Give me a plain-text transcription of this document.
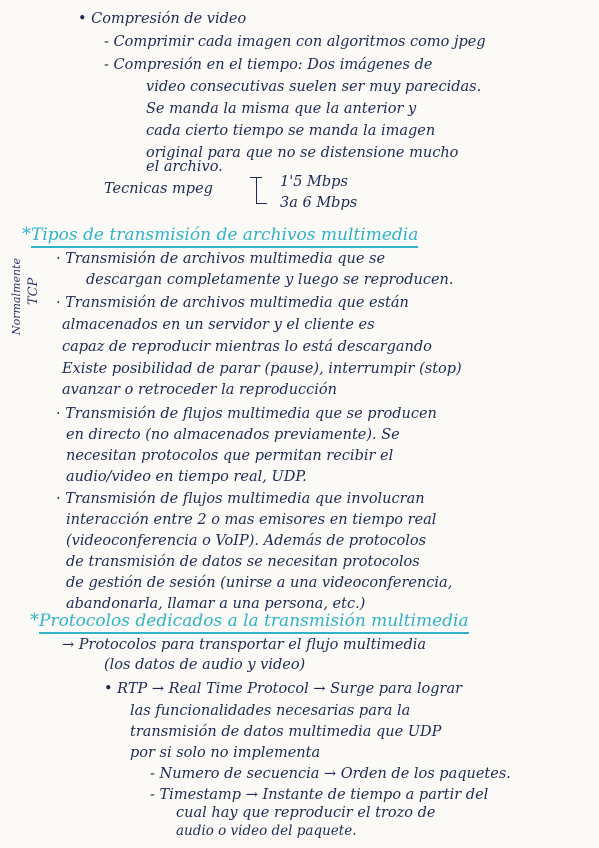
• Compresión de video
- Comprimir cada imagen con algoritmos como jpeg
- Compresión en el tiempo: Dos imágenes de
video consecutivas suelen ser muy parecidas.
Se manda la misma que la anterior y
cada cierto tiempo se manda la imagen
original para que no se distensione mucho
el archivo.
Tecnicas mpeg	1'5 Mbps
3a 6 Mbps
*Tipos de transmisión de archivos multimedia
Normalmente TCP
· Transmisión de archivos multimedia que se
descargan completamente y luego se reproducen.
· Transmisión de archivos multimedia que están
almacenados en un servidor y el cliente es
capaz de reproducir mientras lo está descargando
Existe posibilidad de parar (pause), interrumpir (stop)
avanzar o retroceder la reproducción
· Transmisión de flujos multimedia que se producen
en directo (no almacenados previamente). Se
necesitan protocolos que permitan recibir el
audio/video en tiempo real, UDP.
· Transmisión de flujos multimedia que involucran
interacción entre 2 o mas emisores en tiempo real
(videoconferencia o VoIP). Además de protocolos
de transmisión de datos se necesitan protocolos
de gestión de sesión (unirse a una videoconferencia,
abandonarla, llamar a una persona, etc.)
*Protocolos dedicados a la transmisión multimedia
→ Protocolos para transportar el flujo multimedia
(los datos de audio y video)
• RTP → Real Time Protocol → Surge para lograr
las funcionalidades necesarias para la
transmisión de datos multimedia que UDP
por si solo no implementa
- Numero de secuencia → Orden de los paquetes.
- Timestamp → Instante de tiempo a partir del
cual hay que reproducir el trozo de
audio o video del paquete.
